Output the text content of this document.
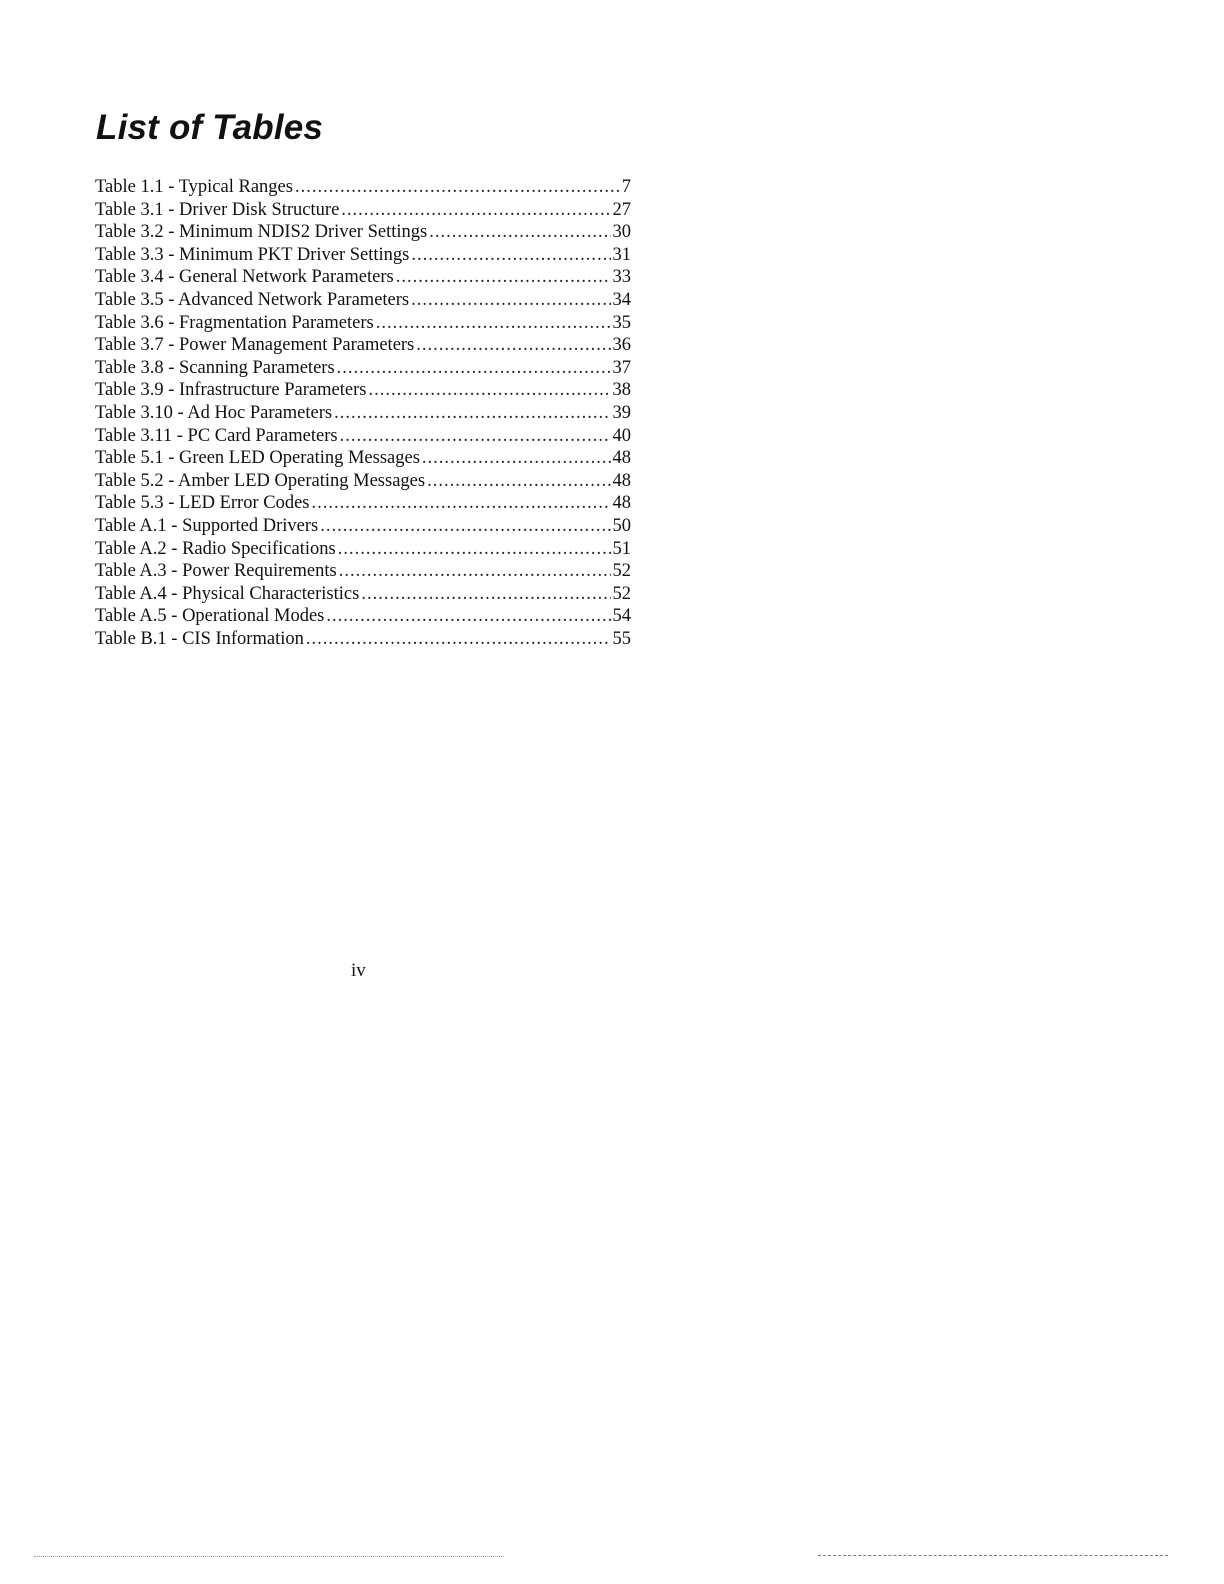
List of Tables
Table 1.1 - Typical Ranges .....	7
Table 3.1 - Driver Disk Structure .....	27
Table 3.2 - Minimum NDIS2 Driver Settings .....	30
Table 3.3 - Minimum PKT Driver Settings .....	31
Table 3.4 - General Network Parameters .....	33
Table 3.5 - Advanced Network Parameters .....	34
Table 3.6 - Fragmentation Parameters .....	35
Table 3.7 - Power Management Parameters .....	36
Table 3.8 - Scanning Parameters .....	37
Table 3.9 - Infrastructure Parameters .....	38
Table 3.10 - Ad Hoc Parameters .....	39
Table 3.11 - PC Card Parameters .....	40
Table 5.1 - Green LED Operating Messages .....	48
Table 5.2 - Amber LED Operating Messages .....	48
Table 5.3 - LED Error Codes .....	48
Table A.1 - Supported Drivers .....	50
Table A.2 - Radio Specifications .....	51
Table A.3 - Power Requirements .....	52
Table A.4 - Physical Characteristics .....	52
Table A.5 - Operational Modes .....	54
Table B.1 - CIS Information .....	55
iv
